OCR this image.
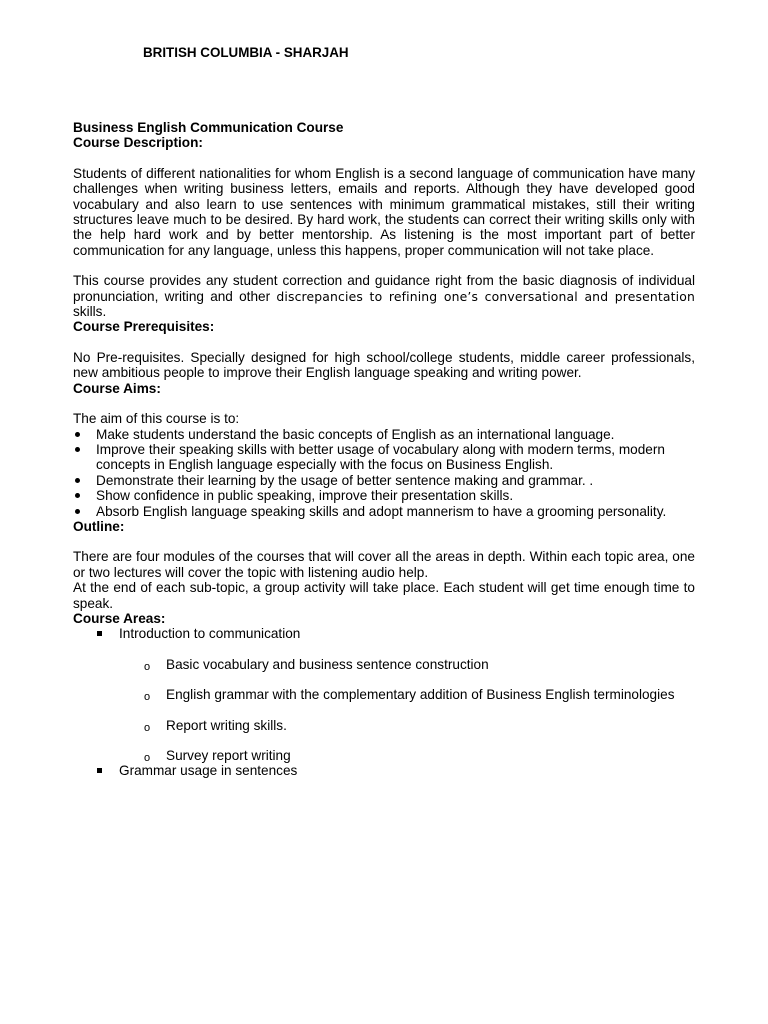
BRITISH COLUMBIA - SHARJAH

Business English Communication Course

Course Description:

Students of different nationalities for whom English is a second language of communication have many challenges when writing business letters, emails and reports. Although they have developed good vocabulary and also learn to use sentences with minimum grammatical mistakes, still their writing structures leave much to be desired. By hard work, the students can correct their writing skills only with the help hard work and by better mentorship. As listening is the most important part of better communication for any language, unless this happens, proper communication will not take place.

This course provides any student correction and guidance right from the basic diagnosis of individual pronunciation, writing and other discrepancies to refining one’s conversational and presentation skills.

Course Prerequisites:

No Pre-requisites. Specially designed for high school/college students, middle career professionals, new ambitious people to improve their English language speaking and writing power.

Course Aims:

The aim of this course is to:

Make students understand the basic concepts of English as an international language.
Improve their speaking skills with better usage of vocabulary along with modern terms, modern concepts in English language especially with the focus on Business English.
Demonstrate their learning by the usage of better sentence making and grammar. .
Show confidence in public speaking, improve their presentation skills.
Absorb English language speaking skills and adopt mannerism to have a grooming personality.
Outline:

There are four modules of the courses that will cover all the areas in depth. Within each topic area, one or two lectures will cover the topic with listening audio help.

At the end of each sub-topic, a group activity will take place. Each student will get time enough time to speak.

Course Areas:
Introduction to communication
o Basic vocabulary and business sentence construction
o English grammar with the complementary addition of Business English terminologies
o Report writing skills.
o Survey report writing
Grammar usage in sentences
